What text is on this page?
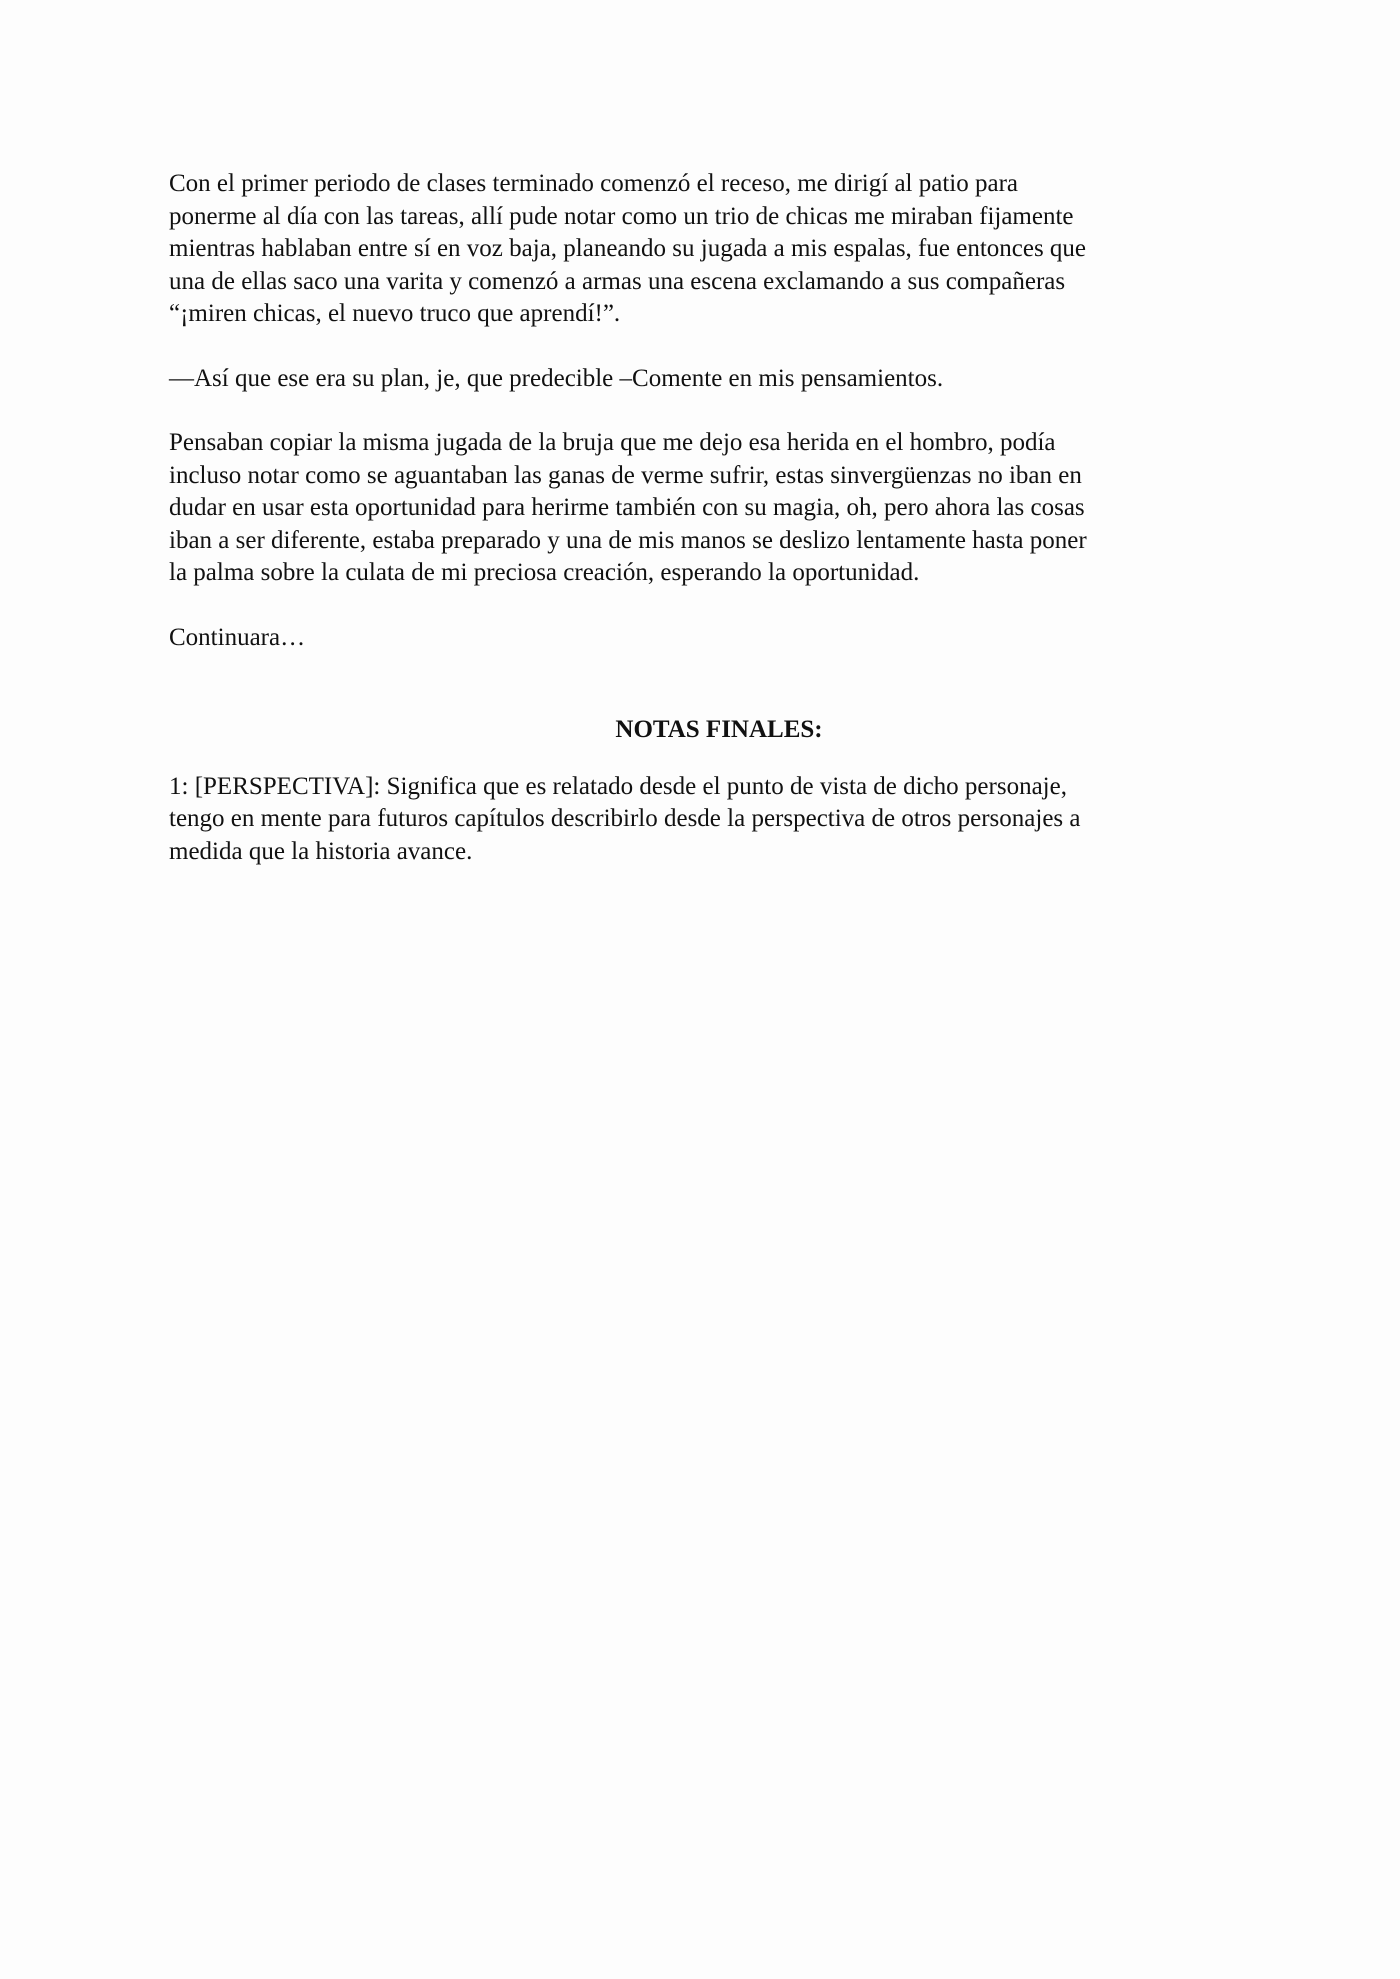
Con el primer periodo de clases terminado comenzó el receso, me dirigí al patio para
ponerme al día con las tareas, allí pude notar como un trio de chicas me miraban fijamente
mientras hablaban entre sí en voz baja, planeando su jugada a mis espalas, fue entonces que
una de ellas saco una varita y comenzó a armas una escena exclamando a sus compañeras
“¡miren chicas, el nuevo truco que aprendí!”.

—Así que ese era su plan, je, que predecible –Comente en mis pensamientos.

Pensaban copiar la misma jugada de la bruja que me dejo esa herida en el hombro, podía
incluso notar como se aguantaban las ganas de verme sufrir, estas sinvergüenzas no iban en
dudar en usar esta oportunidad para herirme también con su magia, oh, pero ahora las cosas
iban a ser diferente, estaba preparado y una de mis manos se deslizo lentamente hasta poner
la palma sobre la culata de mi preciosa creación, esperando la oportunidad.

Continuara…

NOTAS FINALES:

1: [PERSPECTIVA]: Significa que es relatado desde el punto de vista de dicho personaje,
tengo en mente para futuros capítulos describirlo desde la perspectiva de otros personajes a
medida que la historia avance.
